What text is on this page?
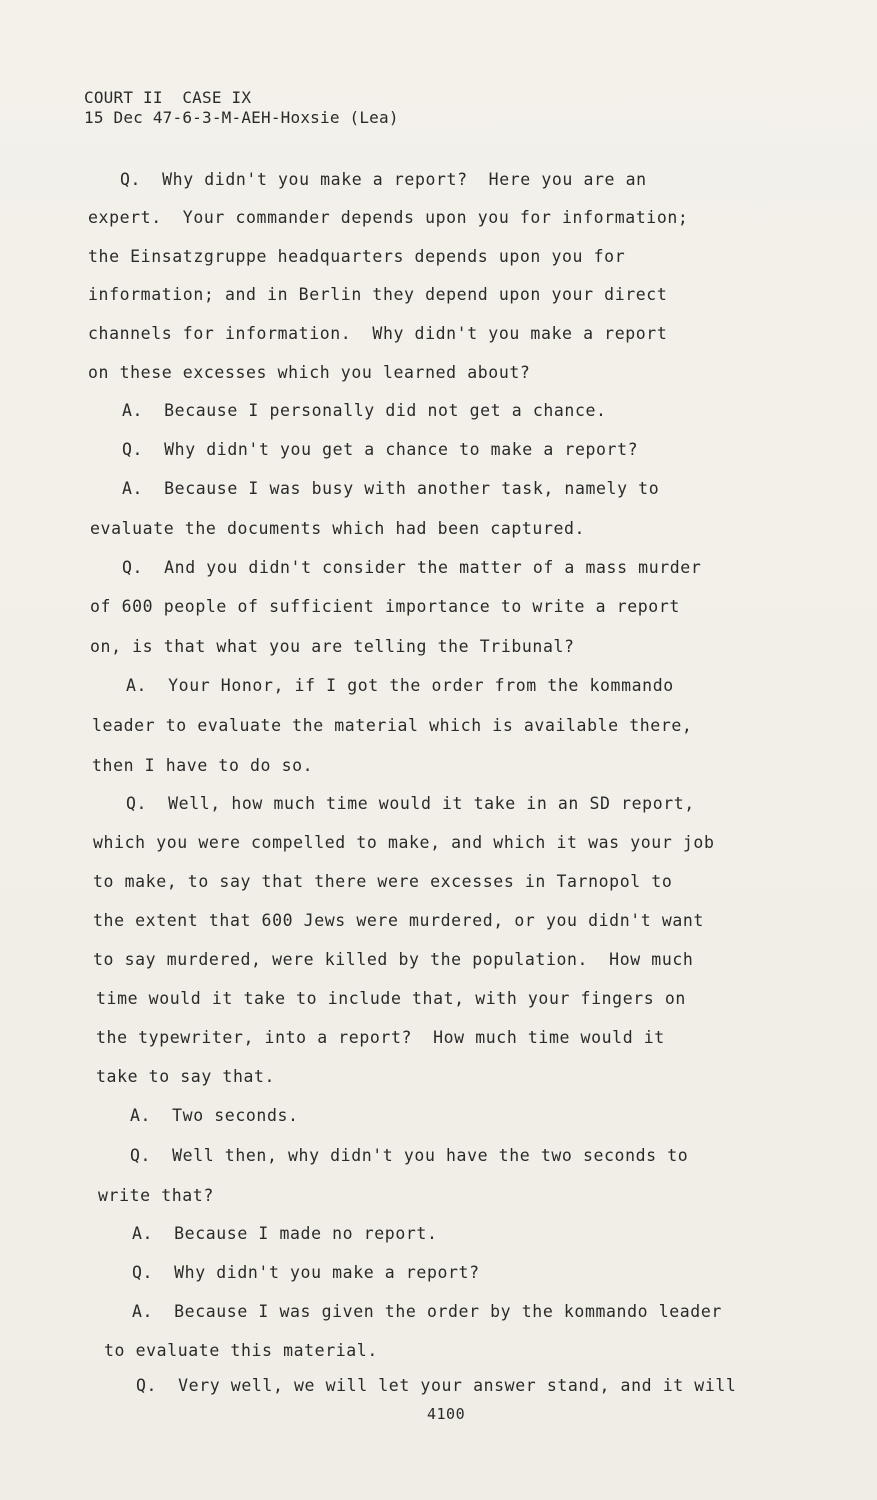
COURT II  CASE IX
15 Dec 47-6-3-M-AEH-Hoxsie (Lea)
Q.  Why didn't you make a report?  Here you are an
expert.  Your commander depends upon you for information;
the Einsatzgruppe headquarters depends upon you for
information; and in Berlin they depend upon your direct
channels for information.  Why didn't you make a report
on these excesses which you learned about?
A.  Because I personally did not get a chance.
Q.  Why didn't you get a chance to make a report?
A.  Because I was busy with another task, namely to
evaluate the documents which had been captured.
Q.  And you didn't consider the matter of a mass murder
of 600 people of sufficient importance to write a report
on, is that what you are telling the Tribunal?
A.  Your Honor, if I got the order from the kommando
leader to evaluate the material which is available there,
then I have to do so.
Q.  Well, how much time would it take in an SD report,
which you were compelled to make, and which it was your job
to make, to say that there were excesses in Tarnopol to
the extent that 600 Jews were murdered, or you didn't want
to say murdered, were killed by the population.  How much
time would it take to include that, with your fingers on
the typewriter, into a report?  How much time would it
take to say that.
A.  Two seconds.
Q.  Well then, why didn't you have the two seconds to
write that?
A.  Because I made no report.
Q.  Why didn't you make a report?
A.  Because I was given the order by the kommando leader
to evaluate this material.
Q.  Very well, we will let your answer stand, and it will
4100
